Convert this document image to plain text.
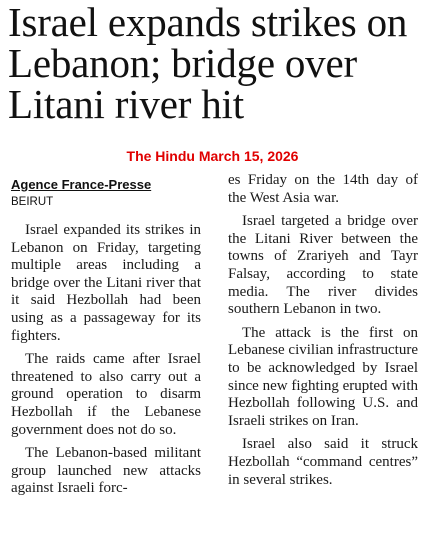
Israel expands strikes on Lebanon; bridge over Litani river hit
The Hindu March 15, 2026
Agence France-Presse
BEIRUT

Israel expanded its strikes in Lebanon on Friday, targeting multiple areas including a bridge over the Litani river that it said Hezbollah had been using as a passageway for its fighters.

The raids came after Israel threatened to also carry out a ground operation to disarm Hezbollah if the Lebanese government does not do so.

The Lebanon-based militant group launched new attacks against Israeli forc-

es Friday on the 14th day of the West Asia war.

Israel targeted a bridge over the Litani River between the towns of Zrariyeh and Tayr Falsay, according to state media. The river divides southern Lebanon in two.

The attack is the first on Lebanese civilian infrastructure to be acknowledged by Israel since new fighting erupted with Hezbollah following U.S. and Israeli strikes on Iran.

Israel also said it struck Hezbollah “command centres” in several strikes.
